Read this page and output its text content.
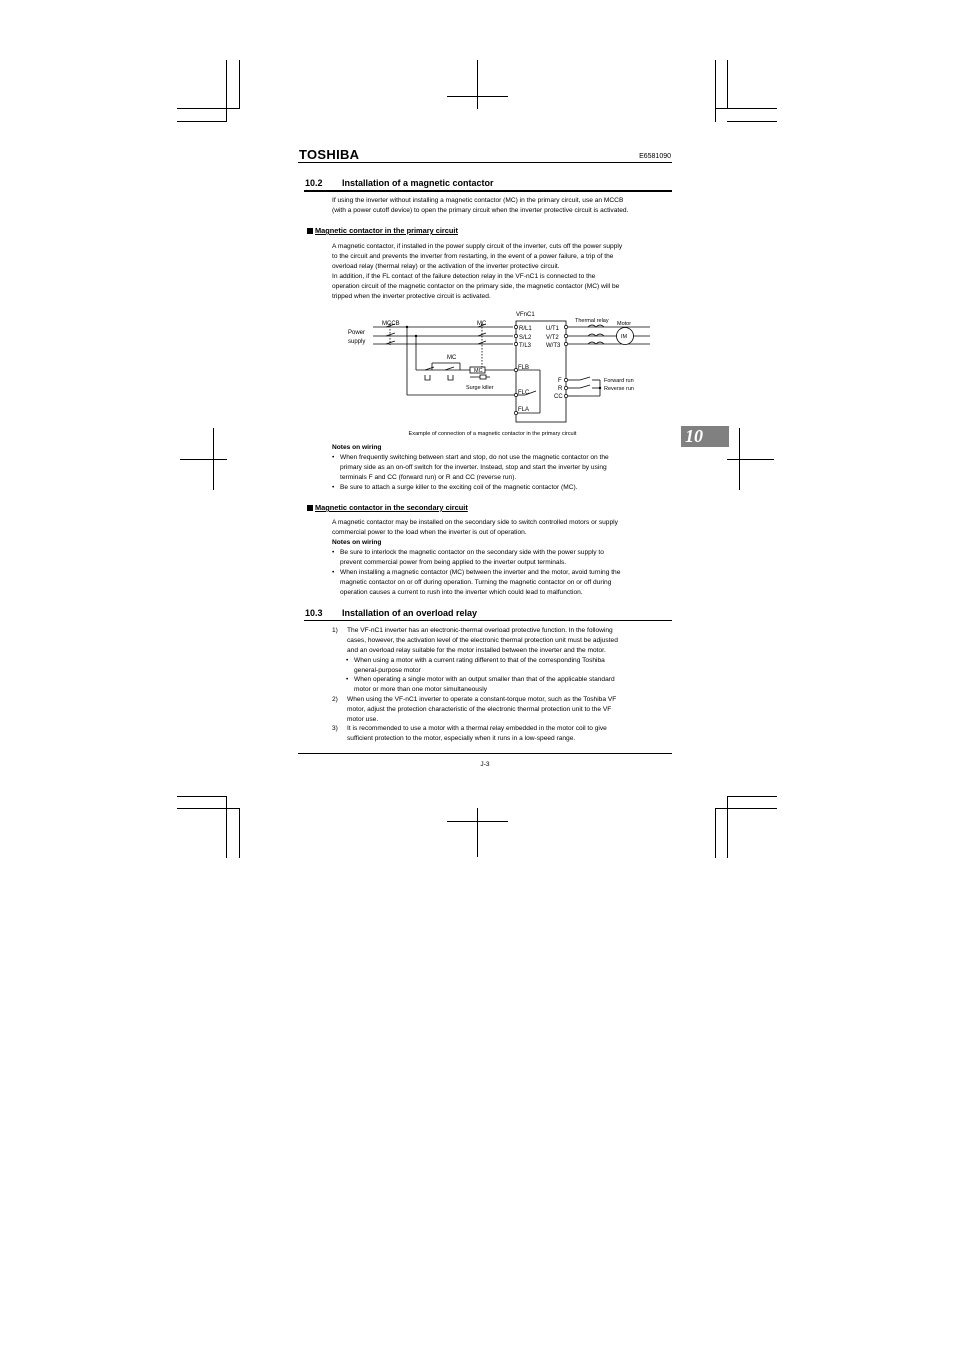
TOSHIBA	E6581090
10.2 Installation of a magnetic contactor
If using the inverter without installing a magnetic contactor (MC) in the primary circuit, use an MCCB
(with a power cutoff device) to open the primary circuit when the inverter protective circuit is activated.
Magnetic contactor in the primary circuit
A magnetic contactor, if installed in the power supply circuit of the inverter, cuts off the power supply
to the circuit and prevents the inverter from restarting, in the event of a power failure, a trip of the
overload relay (thermal relay) or the activation of the inverter protective circuit.
In addition, if the FL contact of the failure detection relay in the VF-nC1 is connected to the
operation circuit of the magnetic contactor on the primary side, the magnetic contactor (MC) will be
tripped when the inverter protective circuit is activated.
Power
supply
MCCB	MC
MC
MC
Surge killer
VFnC1
R/L1
S/L2
T/L3
U/T1
V/T2
W/T3
FLB
FLC
FLA
F
R
CC
Thermal relay Motor
IM
Forward run
Reverse run
Example of connection of a magnetic contactor in the primary circuit	10
Notes on wiring
• When frequently switching between start and stop, do not use the magnetic contactor on the
primary side as an on-off switch for the inverter. Instead, stop and start the inverter by using
terminals F and CC (forward run) or R and CC (reverse run).
• Be sure to attach a surge killer to the exciting coil of the magnetic contactor (MC).
Magnetic contactor in the secondary circuit
A magnetic contactor may be installed on the secondary side to switch controlled motors or supply
commercial power to the load when the inverter is out of operation.
Notes on wiring
• Be sure to interlock the magnetic contactor on the secondary side with the power supply to
prevent commercial power from being applied to the inverter output terminals.
• When installing a magnetic contactor (MC) between the inverter and the motor, avoid turning the
magnetic contactor on or off during operation. Turning the magnetic contactor on or off during
operation causes a current to rush into the inverter which could lead to malfunction.
10.3 Installation of an overload relay
1) The VF-nC1 inverter has an electronic-thermal overload protective function. In the following
cases, however, the activation level of the electronic thermal protection unit must be adjusted
and an overload relay suitable for the motor installed between the inverter and the motor.
• When using a motor with a current rating different to that of the corresponding Toshiba
general-purpose motor
• When operating a single motor with an output smaller than that of the applicable standard
motor or more than one motor simultaneously
2) When using the VF-nC1 inverter to operate a constant-torque motor, such as the Toshiba VF
motor, adjust the protection characteristic of the electronic thermal protection unit to the VF
motor use.
3) It is recommended to use a motor with a thermal relay embedded in the motor coil to give
sufficient protection to the motor, especially when it runs in a low-speed range.
J-3
